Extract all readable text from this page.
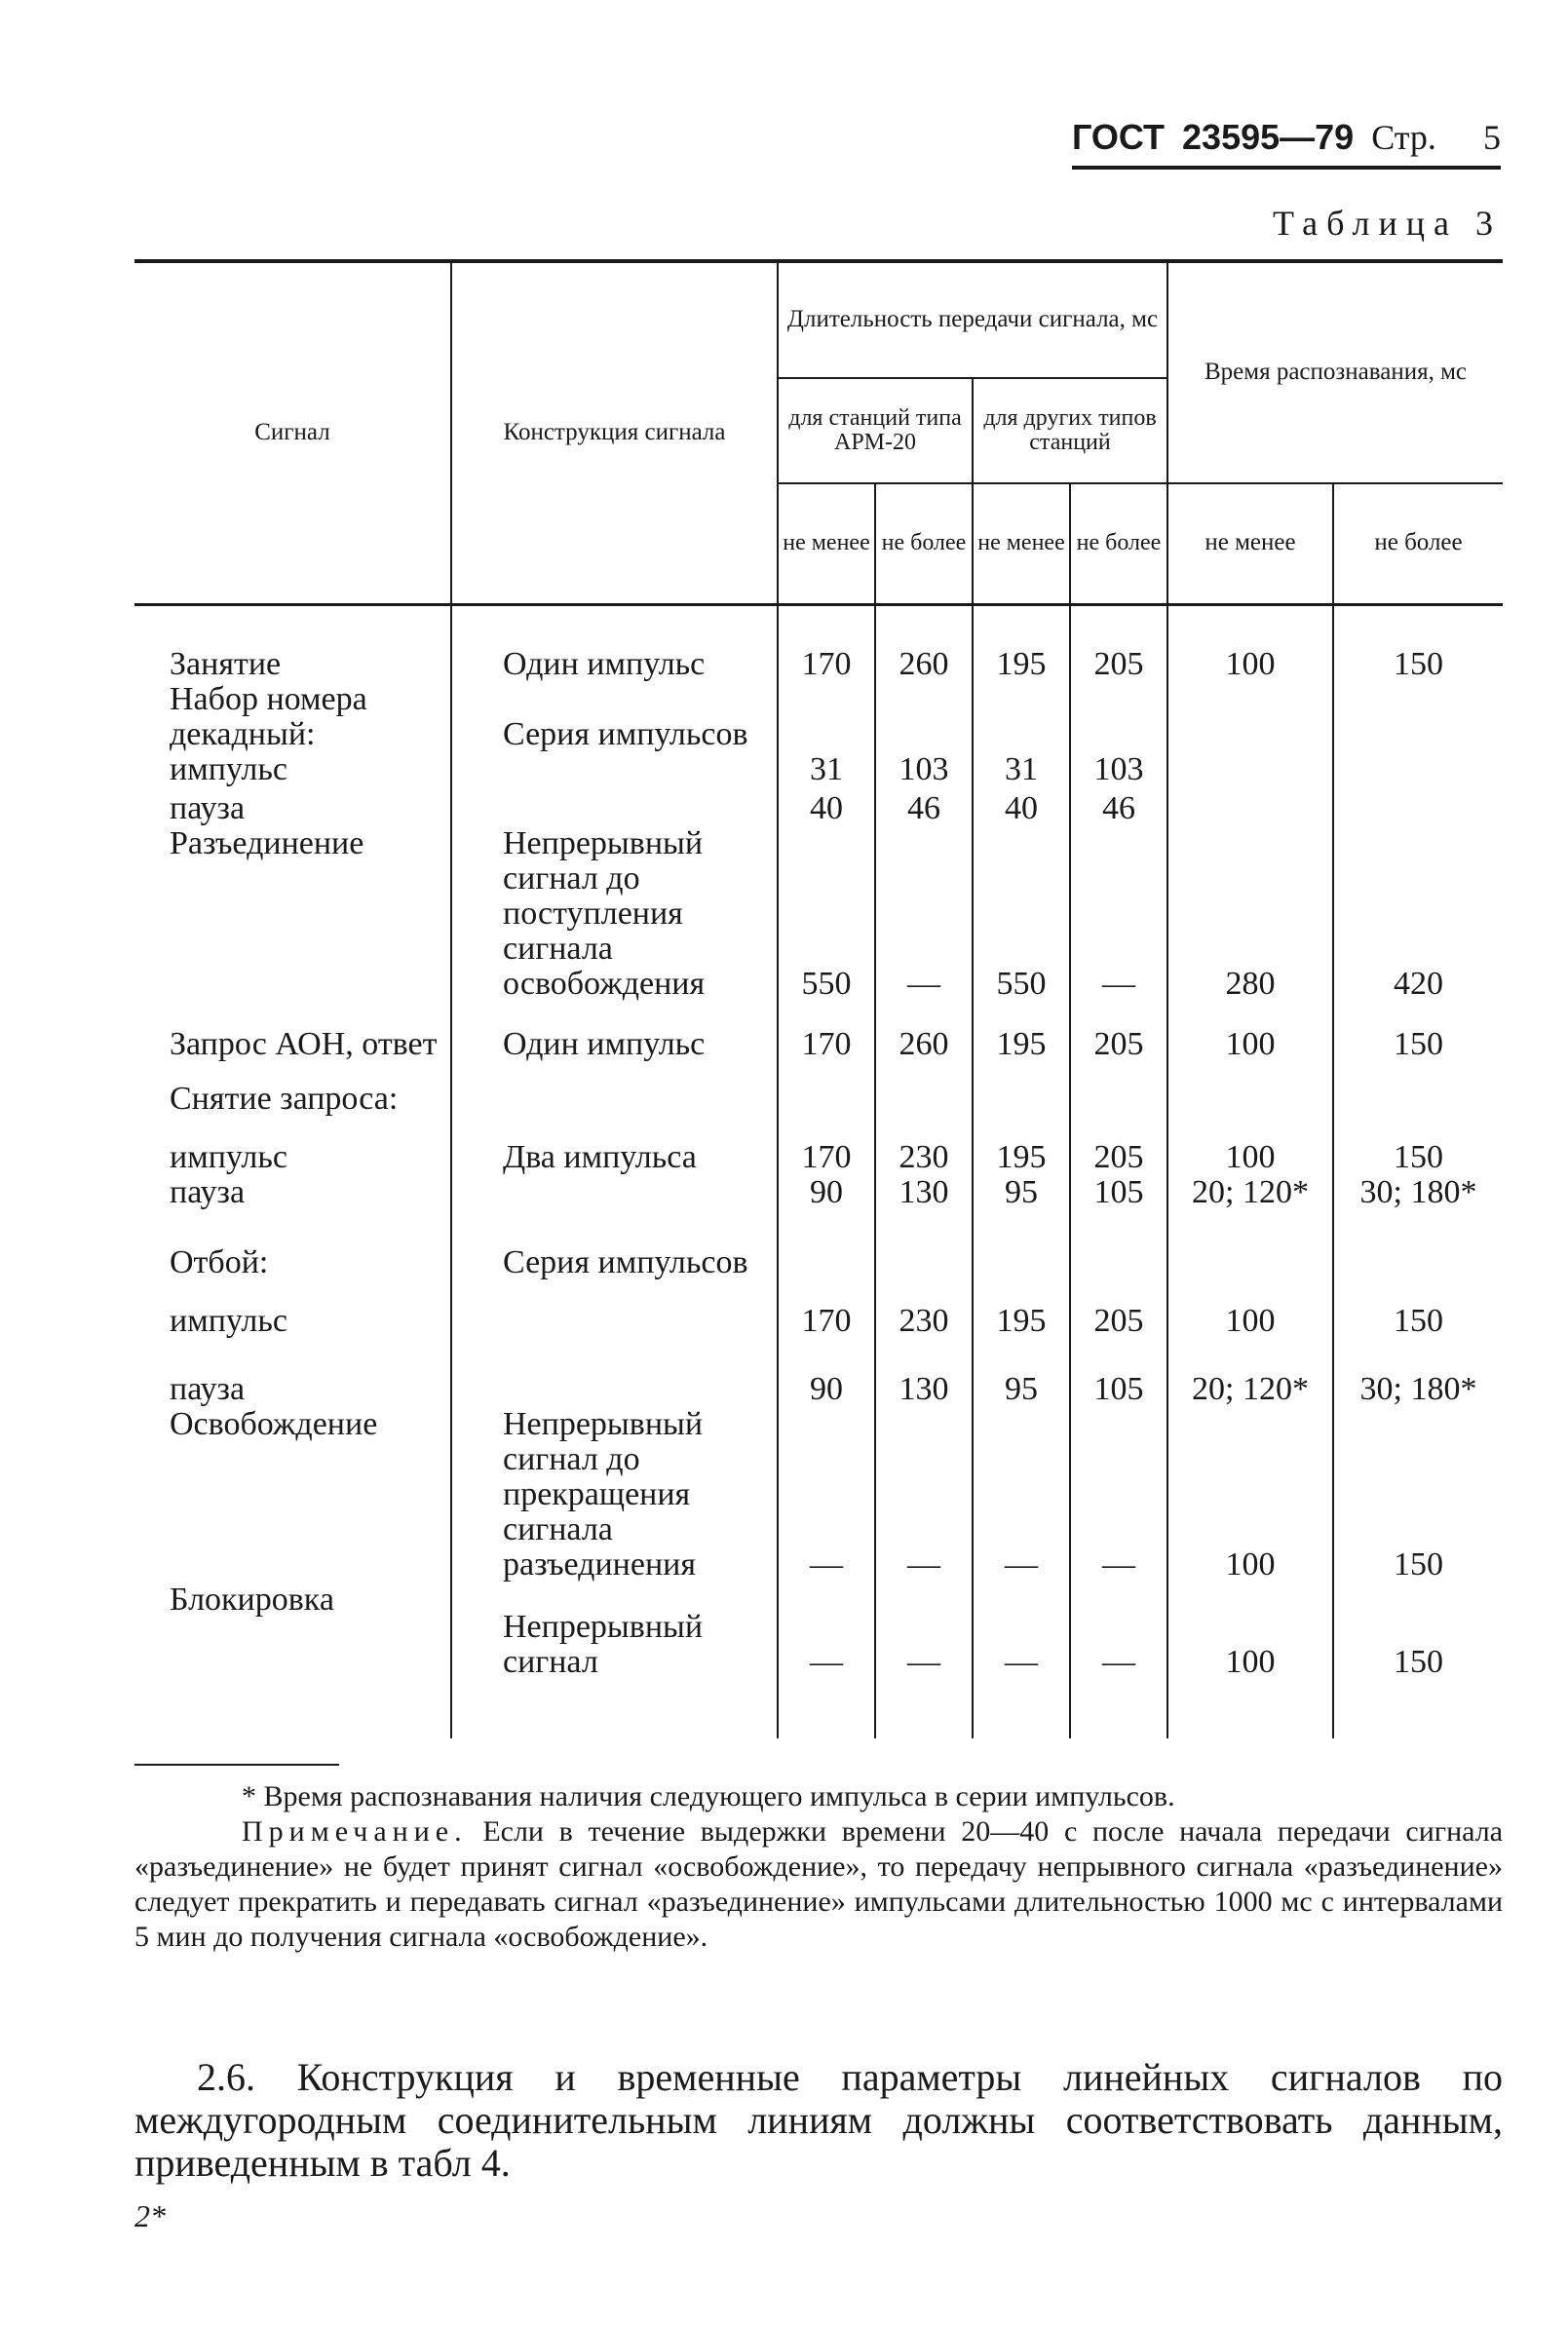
ГОСТ 23595—79 Стр. 5
Таблица 3
Сигнал	Конструкция сигнала	Длительность передачи сигнала, мс				Время распознавания, мс	
		для станций типа АРМ-20		для других типов станций			
		не менее	не более	не менее	не более	не менее	не более
Занятие	Один импульс	170	260	195	205	100	150
Набор номера декадный:	Серия импульсов						
импульс		31	103	31	103		
пауза		40	46	40	46		
Разъединение	Непрерывный сигнал до поступления сигнала освобождения	550	—	550	—	280	420
Запрос АОН, ответ	Один импульс	170	260	195	205	100	150
Снятие запроса:							
импульс	Два импульса	170	230	195	205	100	150
пауза		90	130	95	105	20; 120*	30; 180*
Отбой:	Серия импульсов						
импульс		170	230	195	205	100	150
пауза		90	130	95	105	20; 120*	30; 180*
Освобождение	Непрерывный сигнал до прекращения сигнала разъединения	—	—	—	—	100	150
Блокировка	Непрерывный сигнал	—	—	—	—	100	150

* Время распознавания наличия следующего импульса в серии импульсов.

Примечание. Если в течение выдержки времени 20—40 с после начала передачи сигнала «разъединение» не будет принят сигнал «освобождение», то передачу непрывного сигнала «разъединение» следует прекратить и передавать сигнал «разъединение» импульсами длительностью 1000 мс с интервалами 5 мин до получения сигнала «освобождение».

2.6. Конструкция и временные параметры линейных сигналов по междугородным соединительным линиям должны соответствовать данным, приведенным в табл 4.

2*
